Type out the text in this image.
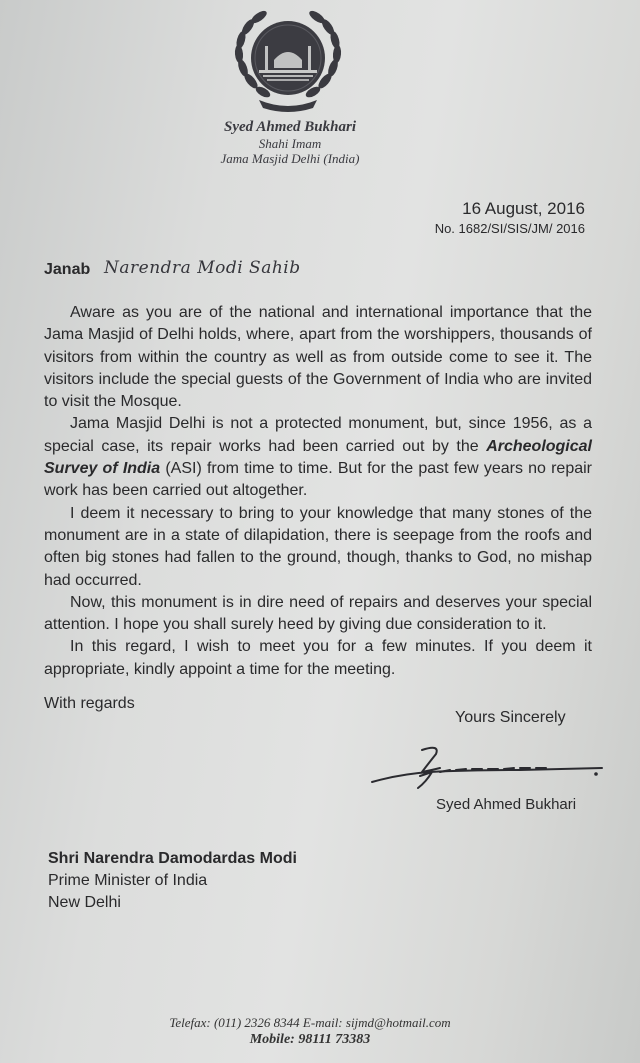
Syed Ahmed Bukhari
Shahi Imam
Jama Masjid Delhi (India)
16 August, 2016
No. 1682/SI/SIS/JM/ 2016
Janab Narendra Modi Sahib

Aware as you are of the national and international importance that the Jama Masjid of Delhi holds, where, apart from the worshippers, thousands of visitors from within the country as well as from outside come to see it. The visitors include the special guests of the Government of India who are invited to visit the Mosque.

Jama Masjid Delhi is not a protected monument, but, since 1956, as a special case, its repair works had been carried out by the Archeological Survey of India (ASI) from time to time. But for the past few years no repair work has been carried out altogether.

I deem it necessary to bring to your knowledge that many stones of the monument are in a state of dilapidation, there is seepage from the roofs and often big stones had fallen to the ground, though, thanks to God, no mishap had occurred.

Now, this monument is in dire need of repairs and deserves your special attention. I hope you shall surely heed by giving due consideration to it.

In this regard, I wish to meet you for a few minutes. If you deem it appropriate, kindly appoint a time for the meeting.

With regards
Yours Sincerely
Syed Ahmed Bukhari
Shri Narendra Damodardas Modi
Prime Minister of India
New Delhi
Telefax: (011) 2326 8344 E-mail: sijmd@hotmail.com
Mobile: 98111 73383
